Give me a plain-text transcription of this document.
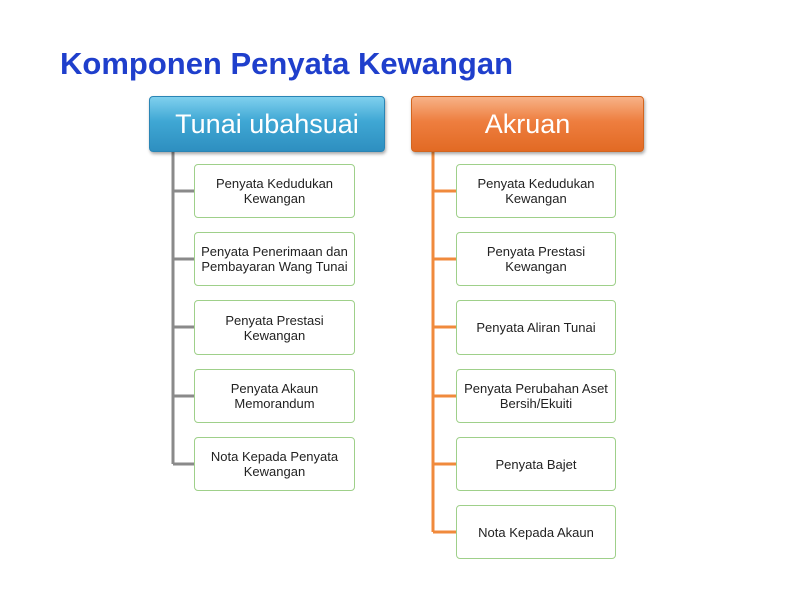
Komponen Penyata Kewangan
Tunai ubahsuai	Akruan
Penyata Kedudukan Kewangan
Penyata Penerimaan dan Pembayaran Wang Tunai
Penyata Prestasi Kewangan
Penyata Akaun Memorandum
Nota Kepada Penyata Kewangan
Penyata Kedudukan Kewangan
Penyata Prestasi Kewangan
Penyata Aliran Tunai
Penyata Perubahan Aset Bersih/Ekuiti
Penyata Bajet
Nota Kepada Akaun
